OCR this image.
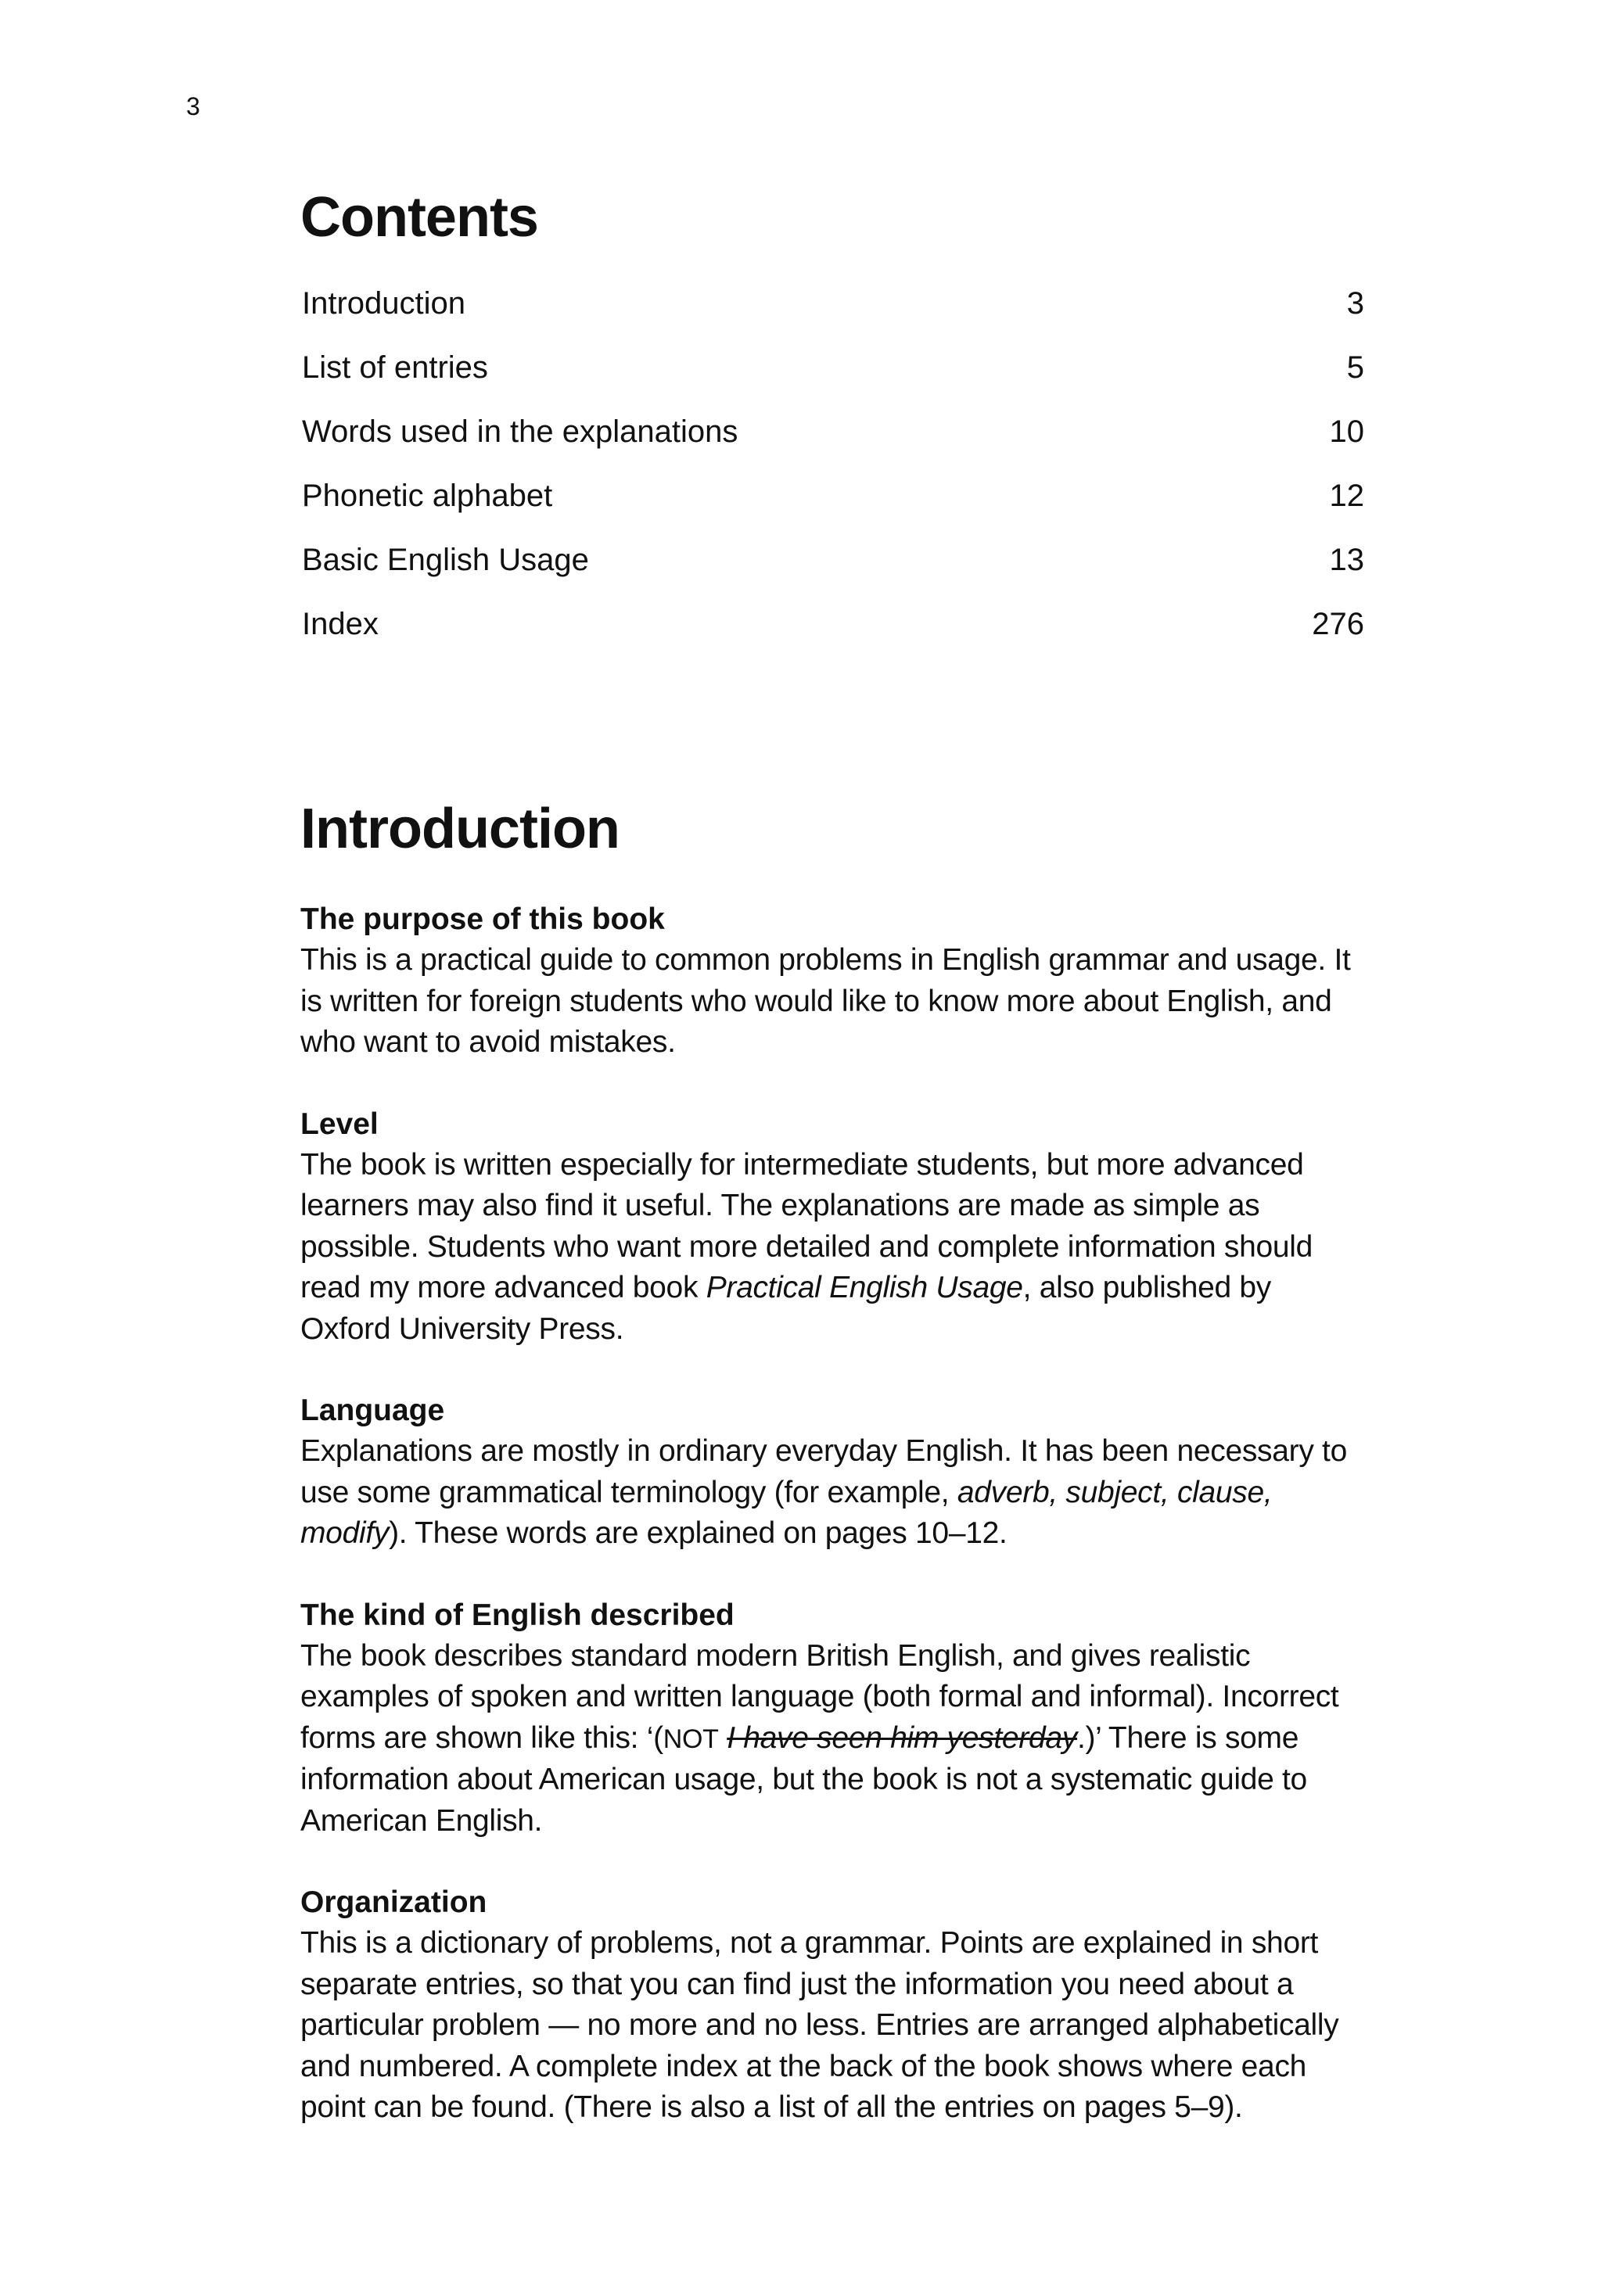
3
Contents
Introduction	3
List of entries	5
Words used in the explanations	10
Phonetic alphabet	12
Basic English Usage	13
Index	276
Introduction
The purpose of this book

This is a practical guide to common problems in English grammar and usage. It is written for foreign students who would like to know more about English, and who want to avoid mistakes.

Level

The book is written especially for intermediate students, but more advanced learners may also find it useful. The explanations are made as simple as possible. Students who want more detailed and complete information should read my more advanced book Practical English Usage, also published by Oxford University Press.

Language

Explanations are mostly in ordinary everyday English. It has been necessary to use some grammatical terminology (for example, adverb, subject, clause, modify). These words are explained on pages 10–12.

The kind of English described

The book describes standard modern British English, and gives realistic examples of spoken and written language (both formal and informal). Incorrect forms are shown like this: ‘(NOT I have seen him yesterday.)’ There is some information about American usage, but the book is not a systematic guide to American English.

Organization

This is a dictionary of problems, not a grammar. Points are explained in short separate entries, so that you can find just the information you need about a particular problem — no more and no less. Entries are arranged alphabetically and numbered. A complete index at the back of the book shows where each point can be found. (There is also a list of all the entries on pages 5–9).
